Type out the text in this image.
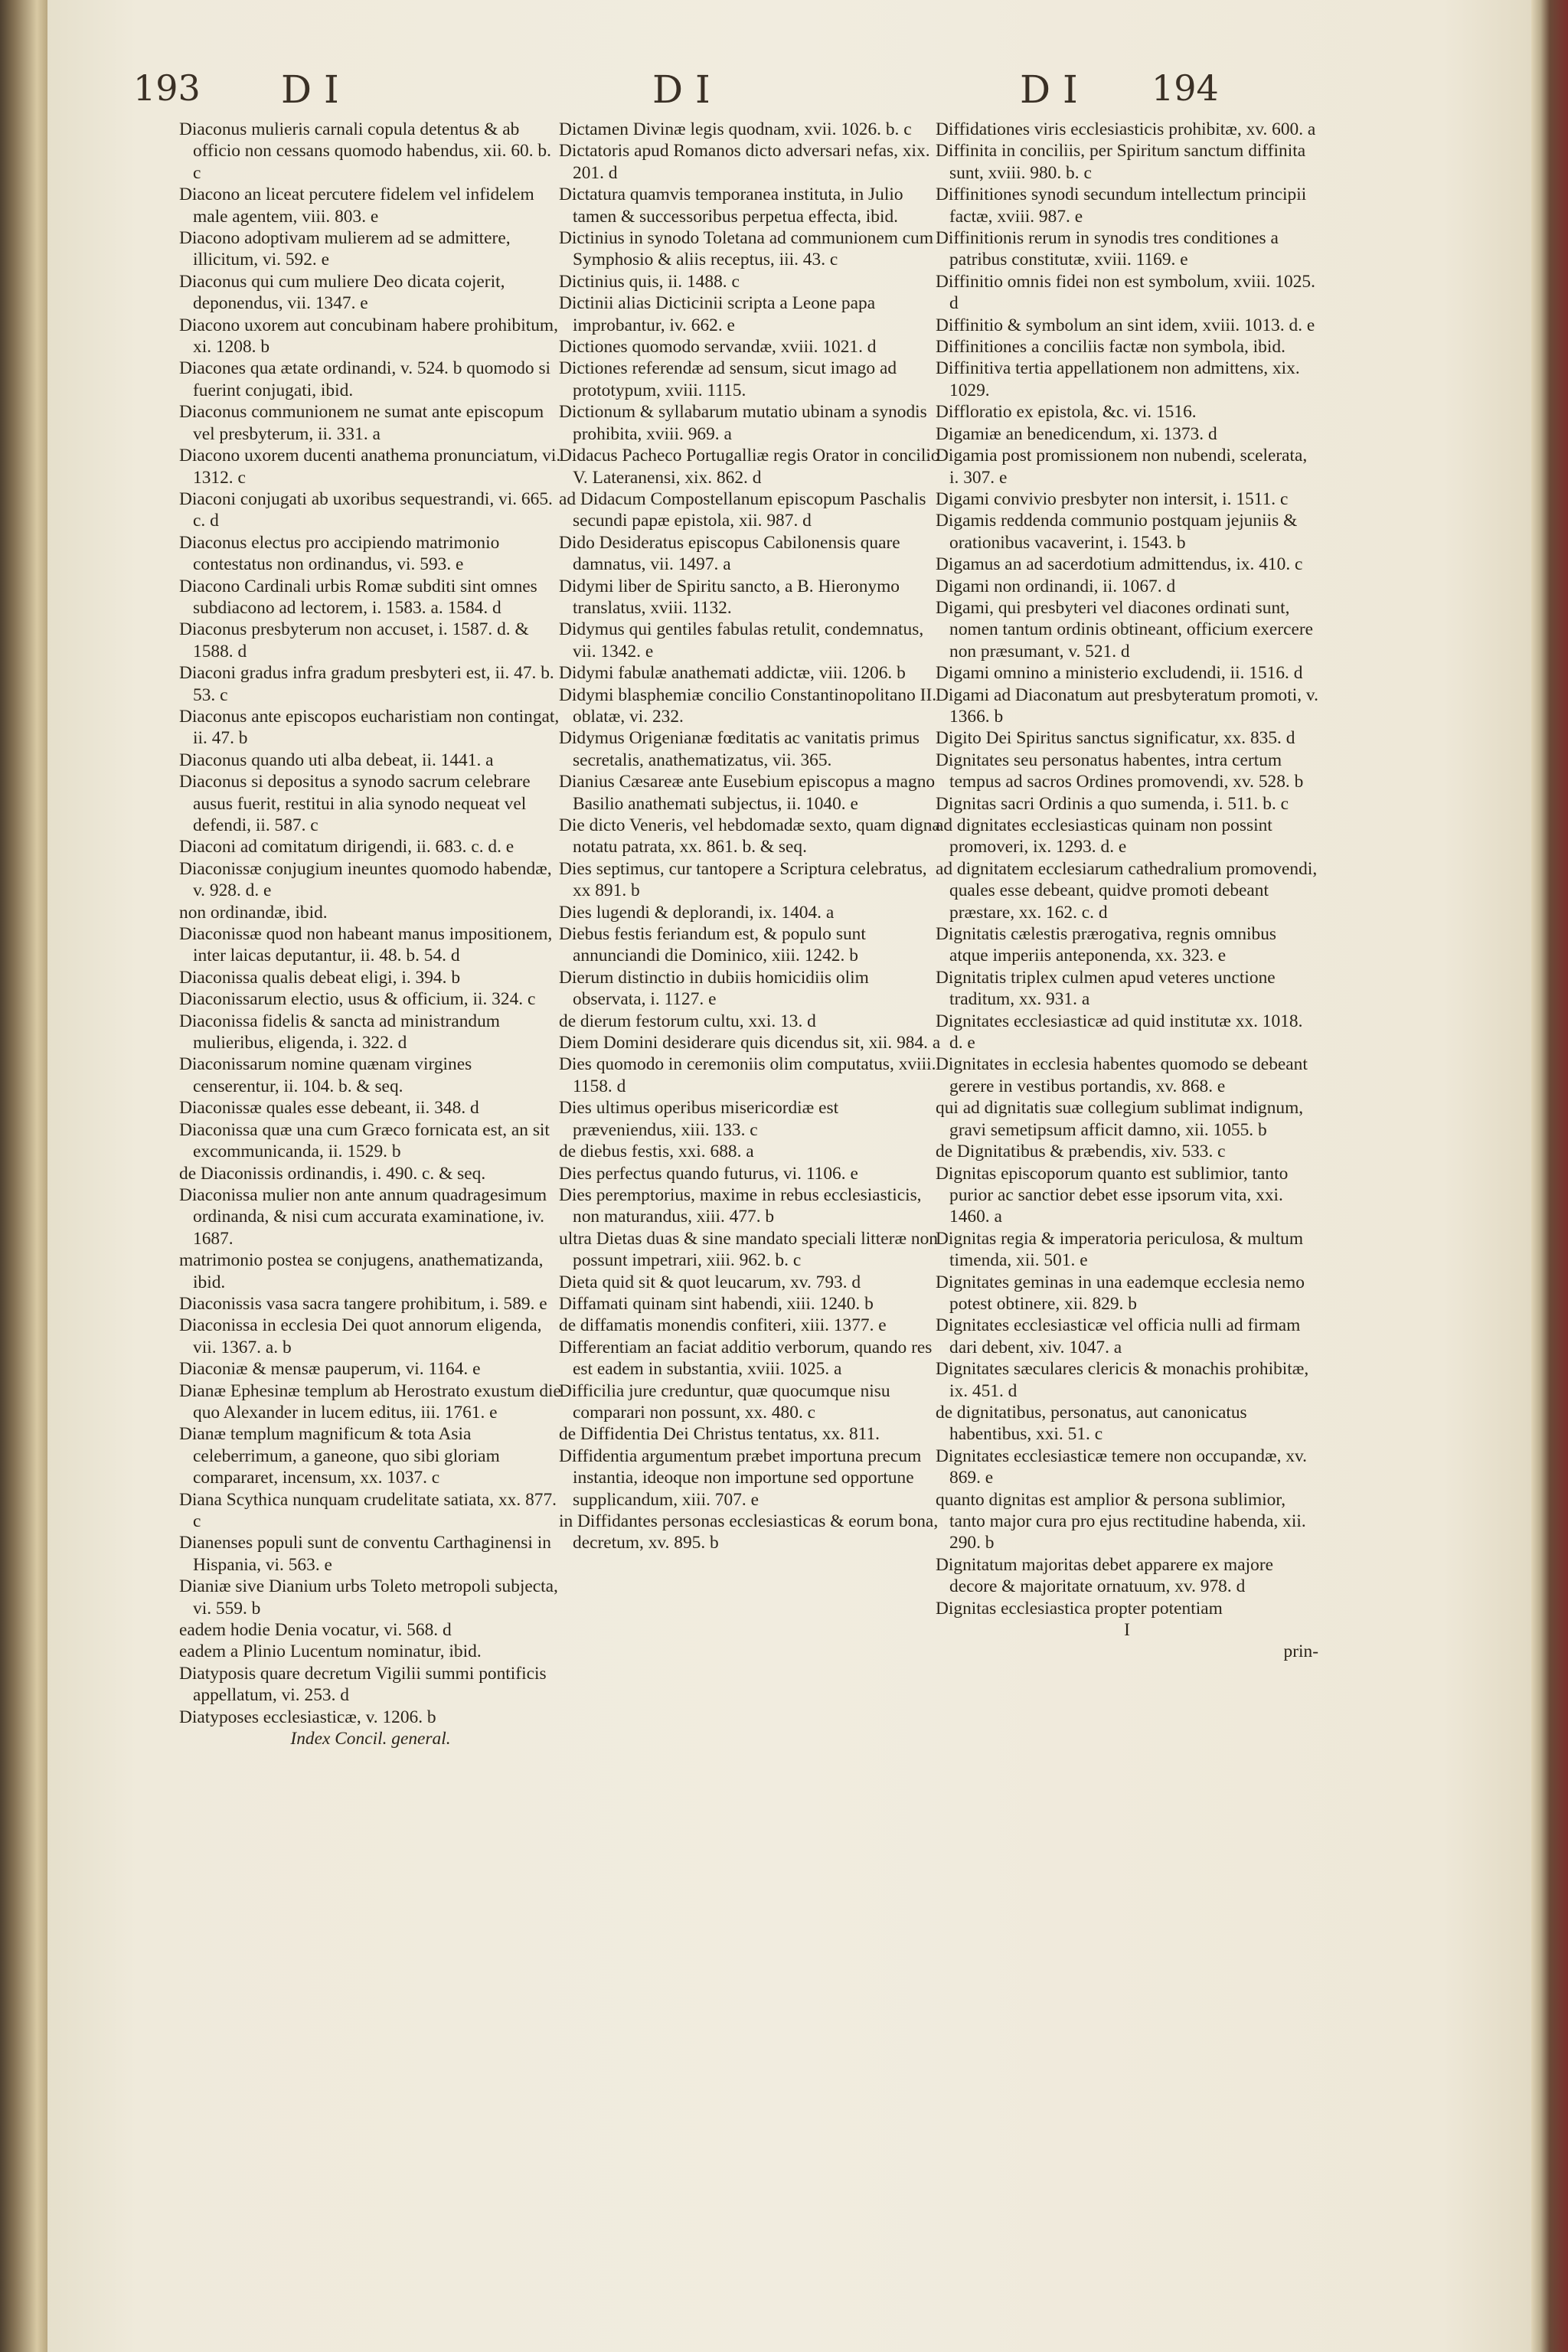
193 D I	D I	D I 194

Diaconus mulieris carnali copula detentus & ab officio non cessans quomodo habendus, xii. 60. b. c

Diacono an liceat percutere fidelem vel infidelem male agentem, viii. 803. e

Diacono adoptivam mulierem ad se admittere, illicitum, vi. 592. e

Diaconus qui cum muliere Deo dicata cojerit, deponendus, vii. 1347. e

Diacono uxorem aut concubinam habere prohibitum, xi. 1208. b

Diacones qua ætate ordinandi, v. 524. b quomodo si fuerint conjugati, ibid.

Diaconus communionem ne sumat ante episcopum vel presbyterum, ii. 331. a

Diacono uxorem ducenti anathema pronunciatum, vi. 1312. c

Diaconi conjugati ab uxoribus sequestrandi, vi. 665. c. d

Diaconus electus pro accipiendo matrimonio contestatus non ordinandus, vi. 593. e

Diacono Cardinali urbis Romæ subditi sint omnes subdiacono ad lectorem, i. 1583. a. 1584. d

Diaconus presbyterum non accuset, i. 1587. d. & 1588. d

Diaconi gradus infra gradum presbyteri est, ii. 47. b. 53. c

Diaconus ante episcopos eucharistiam non contingat, ii. 47. b

Diaconus quando uti alba debeat, ii. 1441. a

Diaconus si depositus a synodo sacrum celebrare ausus fuerit, restitui in alia synodo nequeat vel defendi, ii. 587. c

Diaconi ad comitatum dirigendi, ii. 683. c. d. e

Diaconissæ conjugium ineuntes quomodo habendæ, v. 928. d. e

non ordinandæ, ibid.

Diaconissæ quod non habeant manus impositionem, inter laicas deputantur, ii. 48. b. 54. d

Diaconissa qualis debeat eligi, i. 394. b

Diaconissarum electio, usus & officium, ii. 324. c

Diaconissa fidelis & sancta ad ministrandum mulieribus, eligenda, i. 322. d

Diaconissarum nomine quænam virgines censerentur, ii. 104. b. & seq.

Diaconissæ quales esse debeant, ii. 348. d

Diaconissa quæ una cum Græco fornicata est, an sit excommunicanda, ii. 1529. b

de Diaconissis ordinandis, i. 490. c. & seq.

Diaconissa mulier non ante annum quadragesimum ordinanda, & nisi cum accurata examinatione, iv. 1687.

matrimonio postea se conjugens, anathematizanda, ibid.

Diaconissis vasa sacra tangere prohibitum, i. 589. e

Diaconissa in ecclesia Dei quot annorum eligenda, vii. 1367. a. b

Diaconiæ & mensæ pauperum, vi. 1164. e

Dianæ Ephesinæ templum ab Herostrato exustum die quo Alexander in lucem editus, iii. 1761. e

Dianæ templum magnificum & tota Asia celeberrimum, a ganeone, quo sibi gloriam compararet, incensum, xx. 1037. c

Diana Scythica nunquam crudelitate satiata, xx. 877. c

Dianenses populi sunt de conventu Carthaginensi in Hispania, vi. 563. e

Dianiæ sive Dianium urbs Toleto metropoli subjecta, vi. 559. b

eadem hodie Denia vocatur, vi. 568. d

eadem a Plinio Lucentum nominatur, ibid.

Diatyposis quare decretum Vigilii summi pontificis appellatum, vi. 253. d

Diatyposes ecclesiasticæ, v. 1206. b

Index Concil. general.

Dictamen Divinæ legis quodnam, xvii. 1026. b. c

Dictatoris apud Romanos dicto adversari nefas, xix. 201. d

Dictatura quamvis temporanea instituta, in Julio tamen & successoribus perpetua effecta, ibid.

Dictinius in synodo Toletana ad communionem cum Symphosio & aliis receptus, iii. 43. c

Dictinius quis, ii. 1488. c

Dictinii alias Dicticinii scripta a Leone papa improbantur, iv. 662. e

Dictiones quomodo servandæ, xviii. 1021. d

Dictiones referendæ ad sensum, sicut imago ad prototypum, xviii. 1115.

Dictionum & syllabarum mutatio ubinam a synodis prohibita, xviii. 969. a

Didacus Pacheco Portugalliæ regis Orator in concilio V. Lateranensi, xix. 862. d

ad Didacum Compostellanum episcopum Paschalis secundi papæ epistola, xii. 987. d

Dido Desideratus episcopus Cabilonensis quare damnatus, vii. 1497. a

Didymi liber de Spiritu sancto, a B. Hieronymo translatus, xviii. 1132.

Didymus qui gentiles fabulas retulit, condemnatus, vii. 1342. e

Didymi fabulæ anathemati addictæ, viii. 1206. b

Didymi blasphemiæ concilio Constantinopolitano II. oblatæ, vi. 232.

Didymus Origenianæ fœditatis ac vanitatis primus secretalis, anathematizatus, vii. 365.

Dianius Cæsareæ ante Eusebium episcopus a magno Basilio anathemati subjectus, ii. 1040. e

Die dicto Veneris, vel hebdomadæ sexto, quam digna notatu patrata, xx. 861. b. & seq.

Dies septimus, cur tantopere a Scriptura celebratus, xx 891. b

Dies lugendi & deplorandi, ix. 1404. a

Diebus festis feriandum est, & populo sunt annunciandi die Dominico, xiii. 1242. b

Dierum distinctio in dubiis homicidiis olim observata, i. 1127. e

de dierum festorum cultu, xxi. 13. d

Diem Domini desiderare quis dicendus sit, xii. 984. a

Dies quomodo in ceremoniis olim computatus, xviii. 1158. d

Dies ultimus operibus misericordiæ est præveniendus, xiii. 133. c

de diebus festis, xxi. 688. a

Dies perfectus quando futurus, vi. 1106. e

Dies peremptorius, maxime in rebus ecclesiasticis, non maturandus, xiii. 477. b

ultra Dietas duas & sine mandato speciali litteræ non possunt impetrari, xiii. 962. b. c

Dieta quid sit & quot leucarum, xv. 793. d

Diffamati quinam sint habendi, xiii. 1240. b

de diffamatis monendis confiteri, xiii. 1377. e

Differentiam an faciat additio verborum, quando res est eadem in substantia, xviii. 1025. a

Difficilia jure creduntur, quæ quocumque nisu comparari non possunt, xx. 480. c

de Diffidentia Dei Christus tentatus, xx. 811.

Diffidentia argumentum præbet importuna precum instantia, ideoque non importune sed opportune supplicandum, xiii. 707. e

in Diffidantes personas ecclesiasticas & eorum bona, decretum, xv. 895. b

Diffidationes viris ecclesiasticis prohibitæ, xv. 600. a

Diffinita in conciliis, per Spiritum sanctum diffinita sunt, xviii. 980. b. c

Diffinitiones synodi secundum intellectum principii factæ, xviii. 987. e

Diffinitionis rerum in synodis tres conditiones a patribus constitutæ, xviii. 1169. e

Diffinitio omnis fidei non est symbolum, xviii. 1025. d

Diffinitio & symbolum an sint idem, xviii. 1013. d. e

Diffinitiones a conciliis factæ non symbola, ibid.

Diffinitiva tertia appellationem non admittens, xix. 1029.

Diffloratio ex epistola, &c. vi. 1516.

Digamiæ an benedicendum, xi. 1373. d

Digamia post promissionem non nubendi, scelerata, i. 307. e

Digami convivio presbyter non intersit, i. 1511. c

Digamis reddenda communio postquam jejuniis & orationibus vacaverint, i. 1543. b

Digamus an ad sacerdotium admittendus, ix. 410. c

Digami non ordinandi, ii. 1067. d

Digami, qui presbyteri vel diacones ordinati sunt, nomen tantum ordinis obtineant, officium exercere non præsumant, v. 521. d

Digami omnino a ministerio excludendi, ii. 1516. d

Digami ad Diaconatum aut presbyteratum promoti, v. 1366. b

Digito Dei Spiritus sanctus significatur, xx. 835. d

Dignitates seu personatus habentes, intra certum tempus ad sacros Ordines promovendi, xv. 528. b

Dignitas sacri Ordinis a quo sumenda, i. 511. b. c

ad dignitates ecclesiasticas quinam non possint promoveri, ix. 1293. d. e

ad dignitatem ecclesiarum cathedralium promovendi, quales esse debeant, quidve promoti debeant præstare, xx. 162. c. d

Dignitatis cælestis prærogativa, regnis omnibus atque imperiis anteponenda, xx. 323. e

Dignitatis triplex culmen apud veteres unctione traditum, xx. 931. a

Dignitates ecclesiasticæ ad quid institutæ xx. 1018. d. e

Dignitates in ecclesia habentes quomodo se debeant gerere in vestibus portandis, xv. 868. e

qui ad dignitatis suæ collegium sublimat indignum, gravi semetipsum afficit damno, xii. 1055. b

de Dignitatibus & præbendis, xiv. 533. c

Dignitas episcoporum quanto est sublimior, tanto purior ac sanctior debet esse ipsorum vita, xxi. 1460. a

Dignitas regia & imperatoria periculosa, & multum timenda, xii. 501. e

Dignitates geminas in una eademque ecclesia nemo potest obtinere, xii. 829. b

Dignitates ecclesiasticæ vel officia nulli ad firmam dari debent, xiv. 1047. a

Dignitates sæculares clericis & monachis prohibitæ, ix. 451. d

de dignitatibus, personatus, aut canonicatus habentibus, xxi. 51. c

Dignitates ecclesiasticæ temere non occupandæ, xv. 869. e

quanto dignitas est amplior & persona sublimior, tanto major cura pro ejus rectitudine habenda, xii. 290. b

Dignitatum majoritas debet apparere ex majore decore & majoritate ornatuum, xv. 978. d

Dignitas ecclesiastica propter potentiam

I

prin-
